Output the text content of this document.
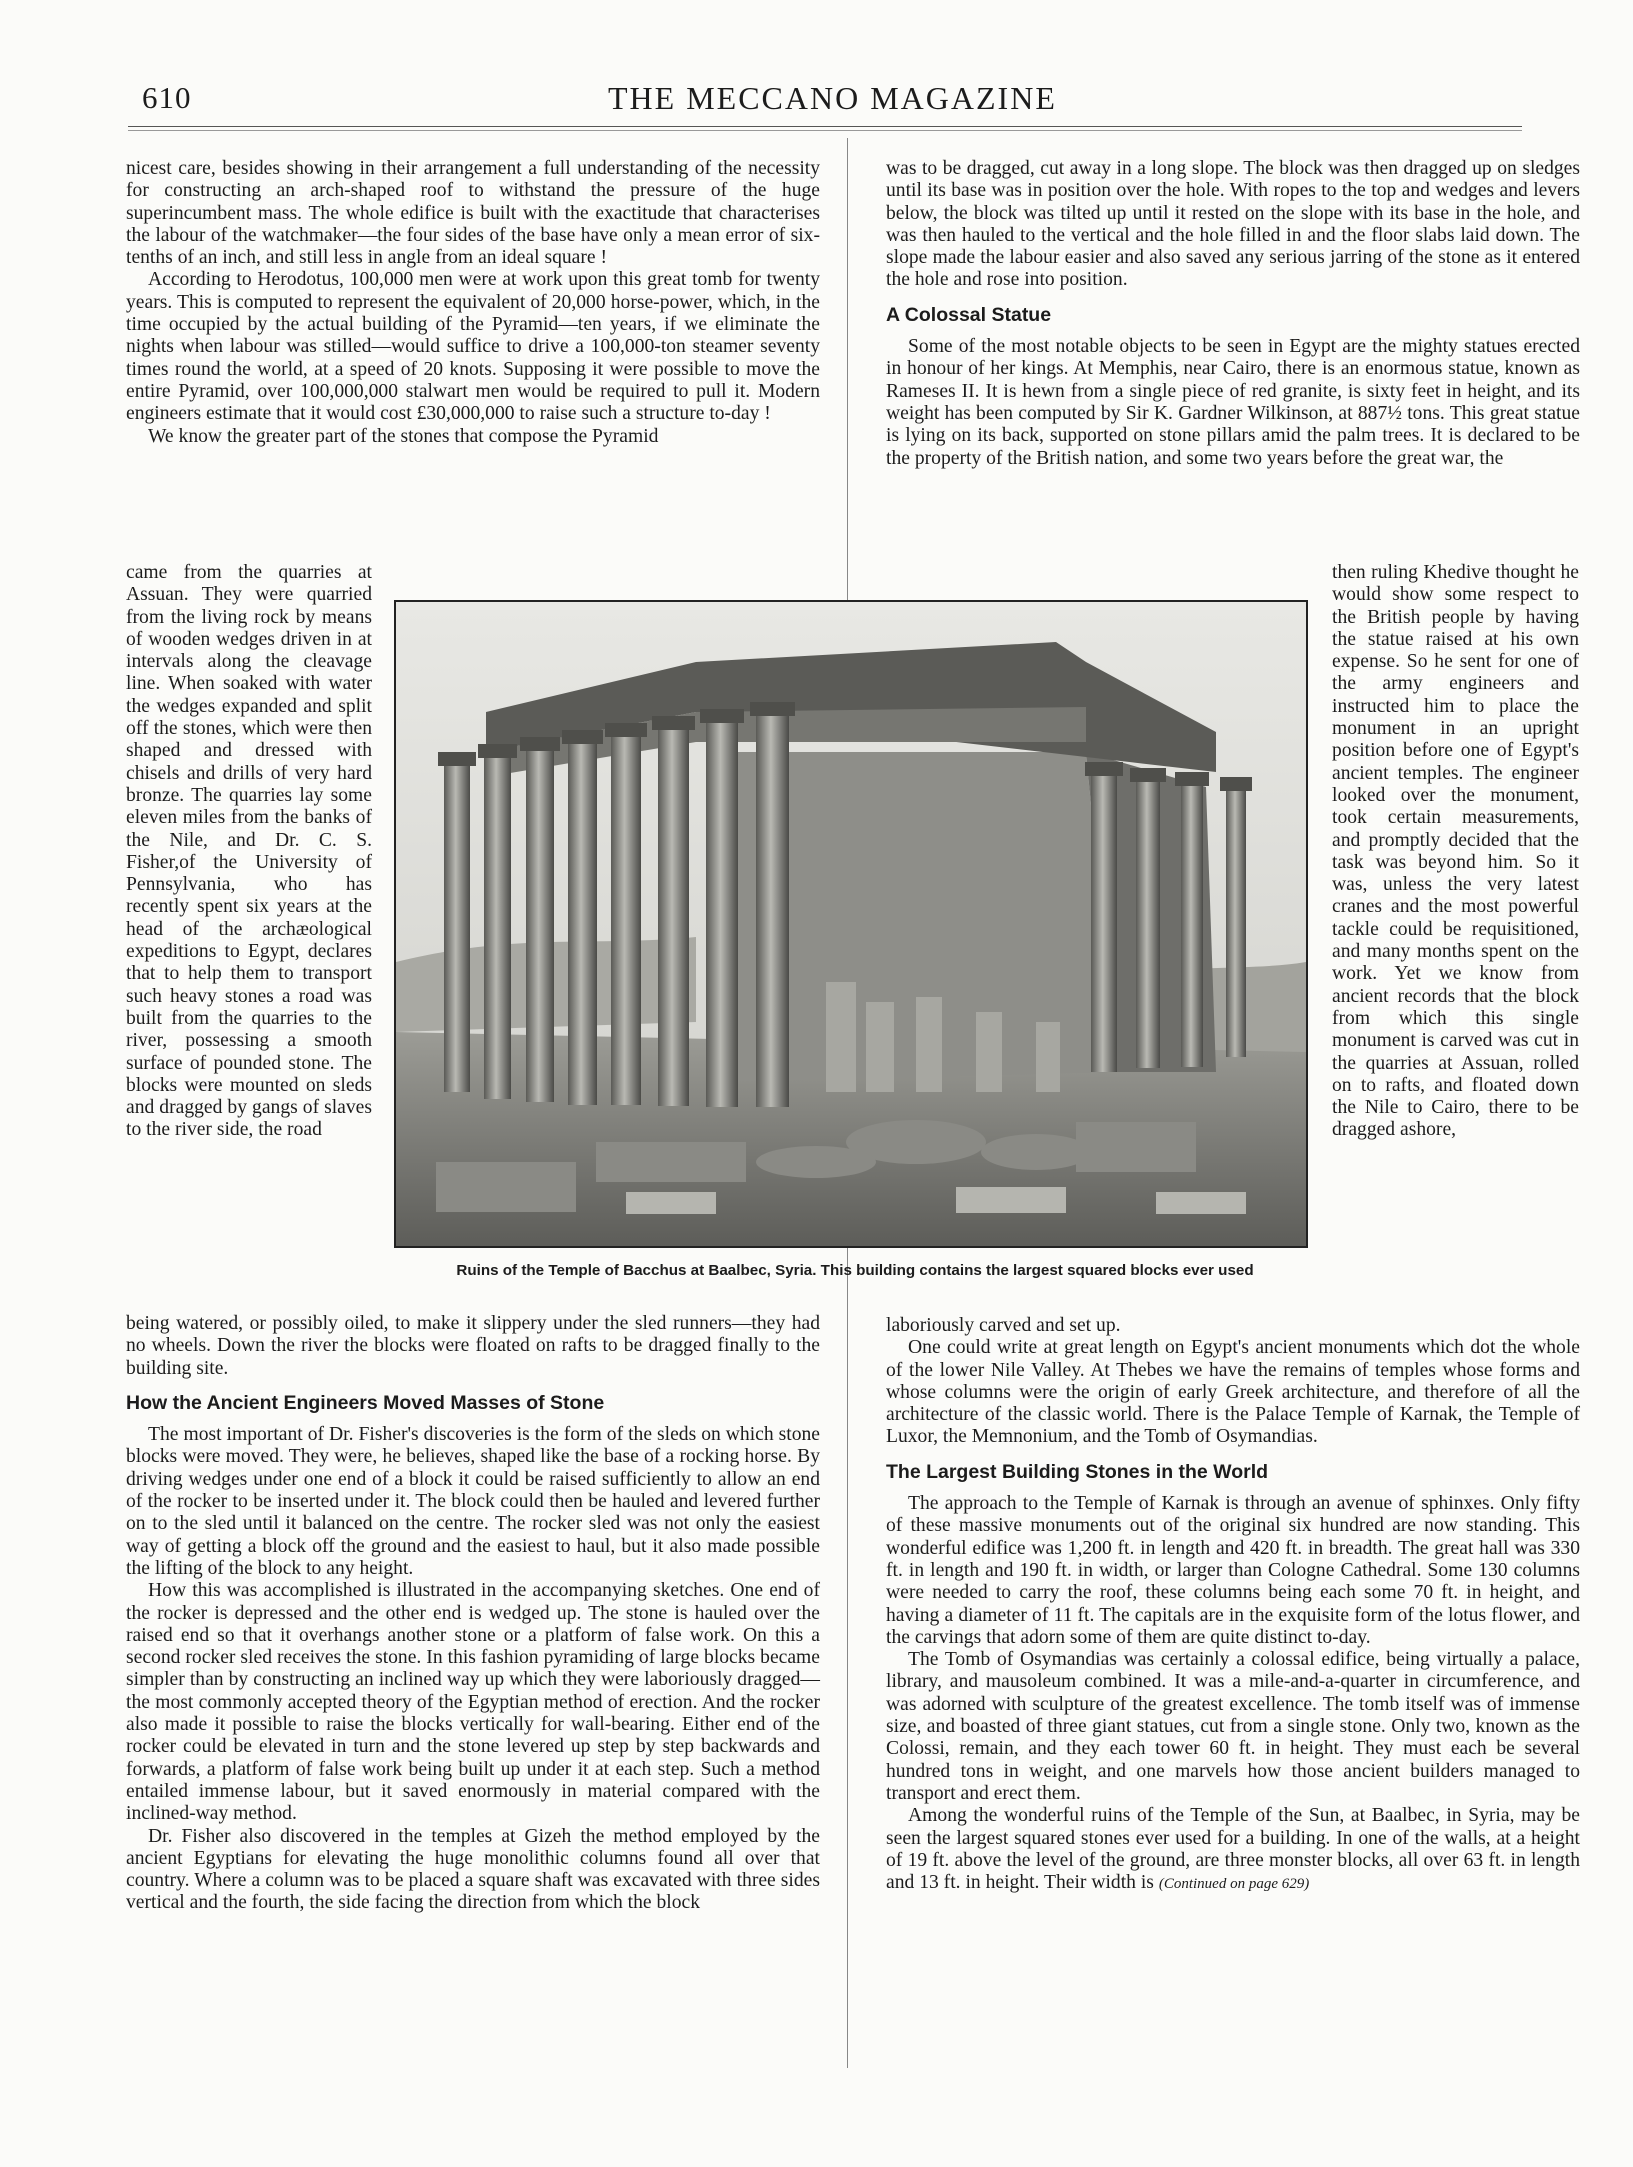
610	THE MECCANO MAGAZINE

nicest care, besides showing in their arrangement a full understanding of the necessity for constructing an arch-shaped roof to withstand the pressure of the huge superincumbent mass. The whole edifice is built with the exactitude that characterises the labour of the watchmaker—the four sides of the base have only a mean error of six-tenths of an inch, and still less in angle from an ideal square !

According to Herodotus, 100,000 men were at work upon this great tomb for twenty years. This is computed to represent the equivalent of 20,000 horse-power, which, in the time occupied by the actual building of the Pyramid—ten years, if we eliminate the nights when labour was stilled—would suffice to drive a 100,000-ton steamer seventy times round the world, at a speed of 20 knots. Supposing it were possible to move the entire Pyramid, over 100,000,000 stalwart men would be required to pull it. Modern engineers estimate that it would cost £30,000,000 to raise such a structure to-day !

We know the greater part of the stones that compose the Pyramid

came from the quarries at Assuan. They were quarried from the living rock by means of wooden wedges driven in at intervals along the cleavage line. When soaked with water the wedges expanded and split off the stones, which were then shaped and dressed with chisels and drills of very hard bronze. The quarries lay some eleven miles from the banks of the Nile, and Dr. C. S. Fisher,of the University of Pennsylvania, who has recently spent six years at the head of the archæological expeditions to Egypt, declares that to help them to transport such heavy stones a road was built from the quarries to the river, possessing a smooth surface of pounded stone. The blocks were mounted on sleds and dragged by gangs of slaves to the river side, the road

was to be dragged, cut away in a long slope. The block was then dragged up on sledges until its base was in position over the hole. With ropes to the top and wedges and levers below, the block was tilted up until it rested on the slope with its base in the hole, and was then hauled to the vertical and the hole filled in and the floor slabs laid down. The slope made the labour easier and also saved any serious jarring of the stone as it entered the hole and rose into position.

A Colossal Statue

Some of the most notable objects to be seen in Egypt are the mighty statues erected in honour of her kings. At Memphis, near Cairo, there is an enormous statue, known as Rameses II. It is hewn from a single piece of red granite, is sixty feet in height, and its weight has been computed by Sir K. Gardner Wilkinson, at 887½ tons. This great statue is lying on its back, supported on stone pillars amid the palm trees. It is declared to be the property of the British nation, and some two years before the great war, the

then ruling Khedive thought he would show some respect to the British people by having the statue raised at his own expense. So he sent for one of the army engineers and instructed him to place the monument in an upright position before one of Egypt's ancient temples. The engineer looked over the monument, took certain measurements, and promptly decided that the task was beyond him. So it was, unless the very latest cranes and the most powerful tackle could be requisitioned, and many months spent on the work. Yet we know from ancient records that the block from which this single monument is carved was cut in the quarries at Assuan, rolled on to rafts, and floated down the Nile to Cairo, there to be dragged ashore,

Ruins of the Temple of Bacchus at Baalbec, Syria. This building contains the largest squared blocks ever used

being watered, or possibly oiled, to make it slippery under the sled runners—they had no wheels. Down the river the blocks were floated on rafts to be dragged finally to the building site.

How the Ancient Engineers Moved Masses of Stone

The most important of Dr. Fisher's discoveries is the form of the sleds on which stone blocks were moved. They were, he believes, shaped like the base of a rocking horse. By driving wedges under one end of a block it could be raised sufficiently to allow an end of the rocker to be inserted under it. The block could then be hauled and levered further on to the sled until it balanced on the centre. The rocker sled was not only the easiest way of getting a block off the ground and the easiest to haul, but it also made possible the lifting of the block to any height.

How this was accomplished is illustrated in the accompanying sketches. One end of the rocker is depressed and the other end is wedged up. The stone is hauled over the raised end so that it overhangs another stone or a platform of false work. On this a second rocker sled receives the stone. In this fashion pyramiding of large blocks became simpler than by constructing an inclined way up which they were laboriously dragged—the most commonly accepted theory of the Egyptian method of erection. And the rocker also made it possible to raise the blocks vertically for wall-bearing. Either end of the rocker could be elevated in turn and the stone levered up step by step backwards and forwards, a platform of false work being built up under it at each step. Such a method entailed immense labour, but it saved enormously in material compared with the inclined-way method.

Dr. Fisher also discovered in the temples at Gizeh the method employed by the ancient Egyptians for elevating the huge monolithic columns found all over that country. Where a column was to be placed a square shaft was excavated with three sides vertical and the fourth, the side facing the direction from which the block

laboriously carved and set up.

One could write at great length on Egypt's ancient monuments which dot the whole of the lower Nile Valley. At Thebes we have the remains of temples whose forms and whose columns were the origin of early Greek architecture, and therefore of all the architecture of the classic world. There is the Palace Temple of Karnak, the Temple of Luxor, the Memnonium, and the Tomb of Osymandias.

The Largest Building Stones in the World

The approach to the Temple of Karnak is through an avenue of sphinxes. Only fifty of these massive monuments out of the original six hundred are now standing. This wonderful edifice was 1,200 ft. in length and 420 ft. in breadth. The great hall was 330 ft. in length and 190 ft. in width, or larger than Cologne Cathedral. Some 130 columns were needed to carry the roof, these columns being each some 70 ft. in height, and having a diameter of 11 ft. The capitals are in the exquisite form of the lotus flower, and the carvings that adorn some of them are quite distinct to-day.

The Tomb of Osymandias was certainly a colossal edifice, being virtually a palace, library, and mausoleum combined. It was a mile-and-a-quarter in circumference, and was adorned with sculpture of the greatest excellence. The tomb itself was of immense size, and boasted of three giant statues, cut from a single stone. Only two, known as the Colossi, remain, and they each tower 60 ft. in height. They must each be several hundred tons in weight, and one marvels how those ancient builders managed to transport and erect them.

Among the wonderful ruins of the Temple of the Sun, at Baalbec, in Syria, may be seen the largest squared stones ever used for a building. In one of the walls, at a height of 19 ft. above the level of the ground, are three monster blocks, all over 63 ft. in length and 13 ft. in height. Their width is (Continued on page 629)
